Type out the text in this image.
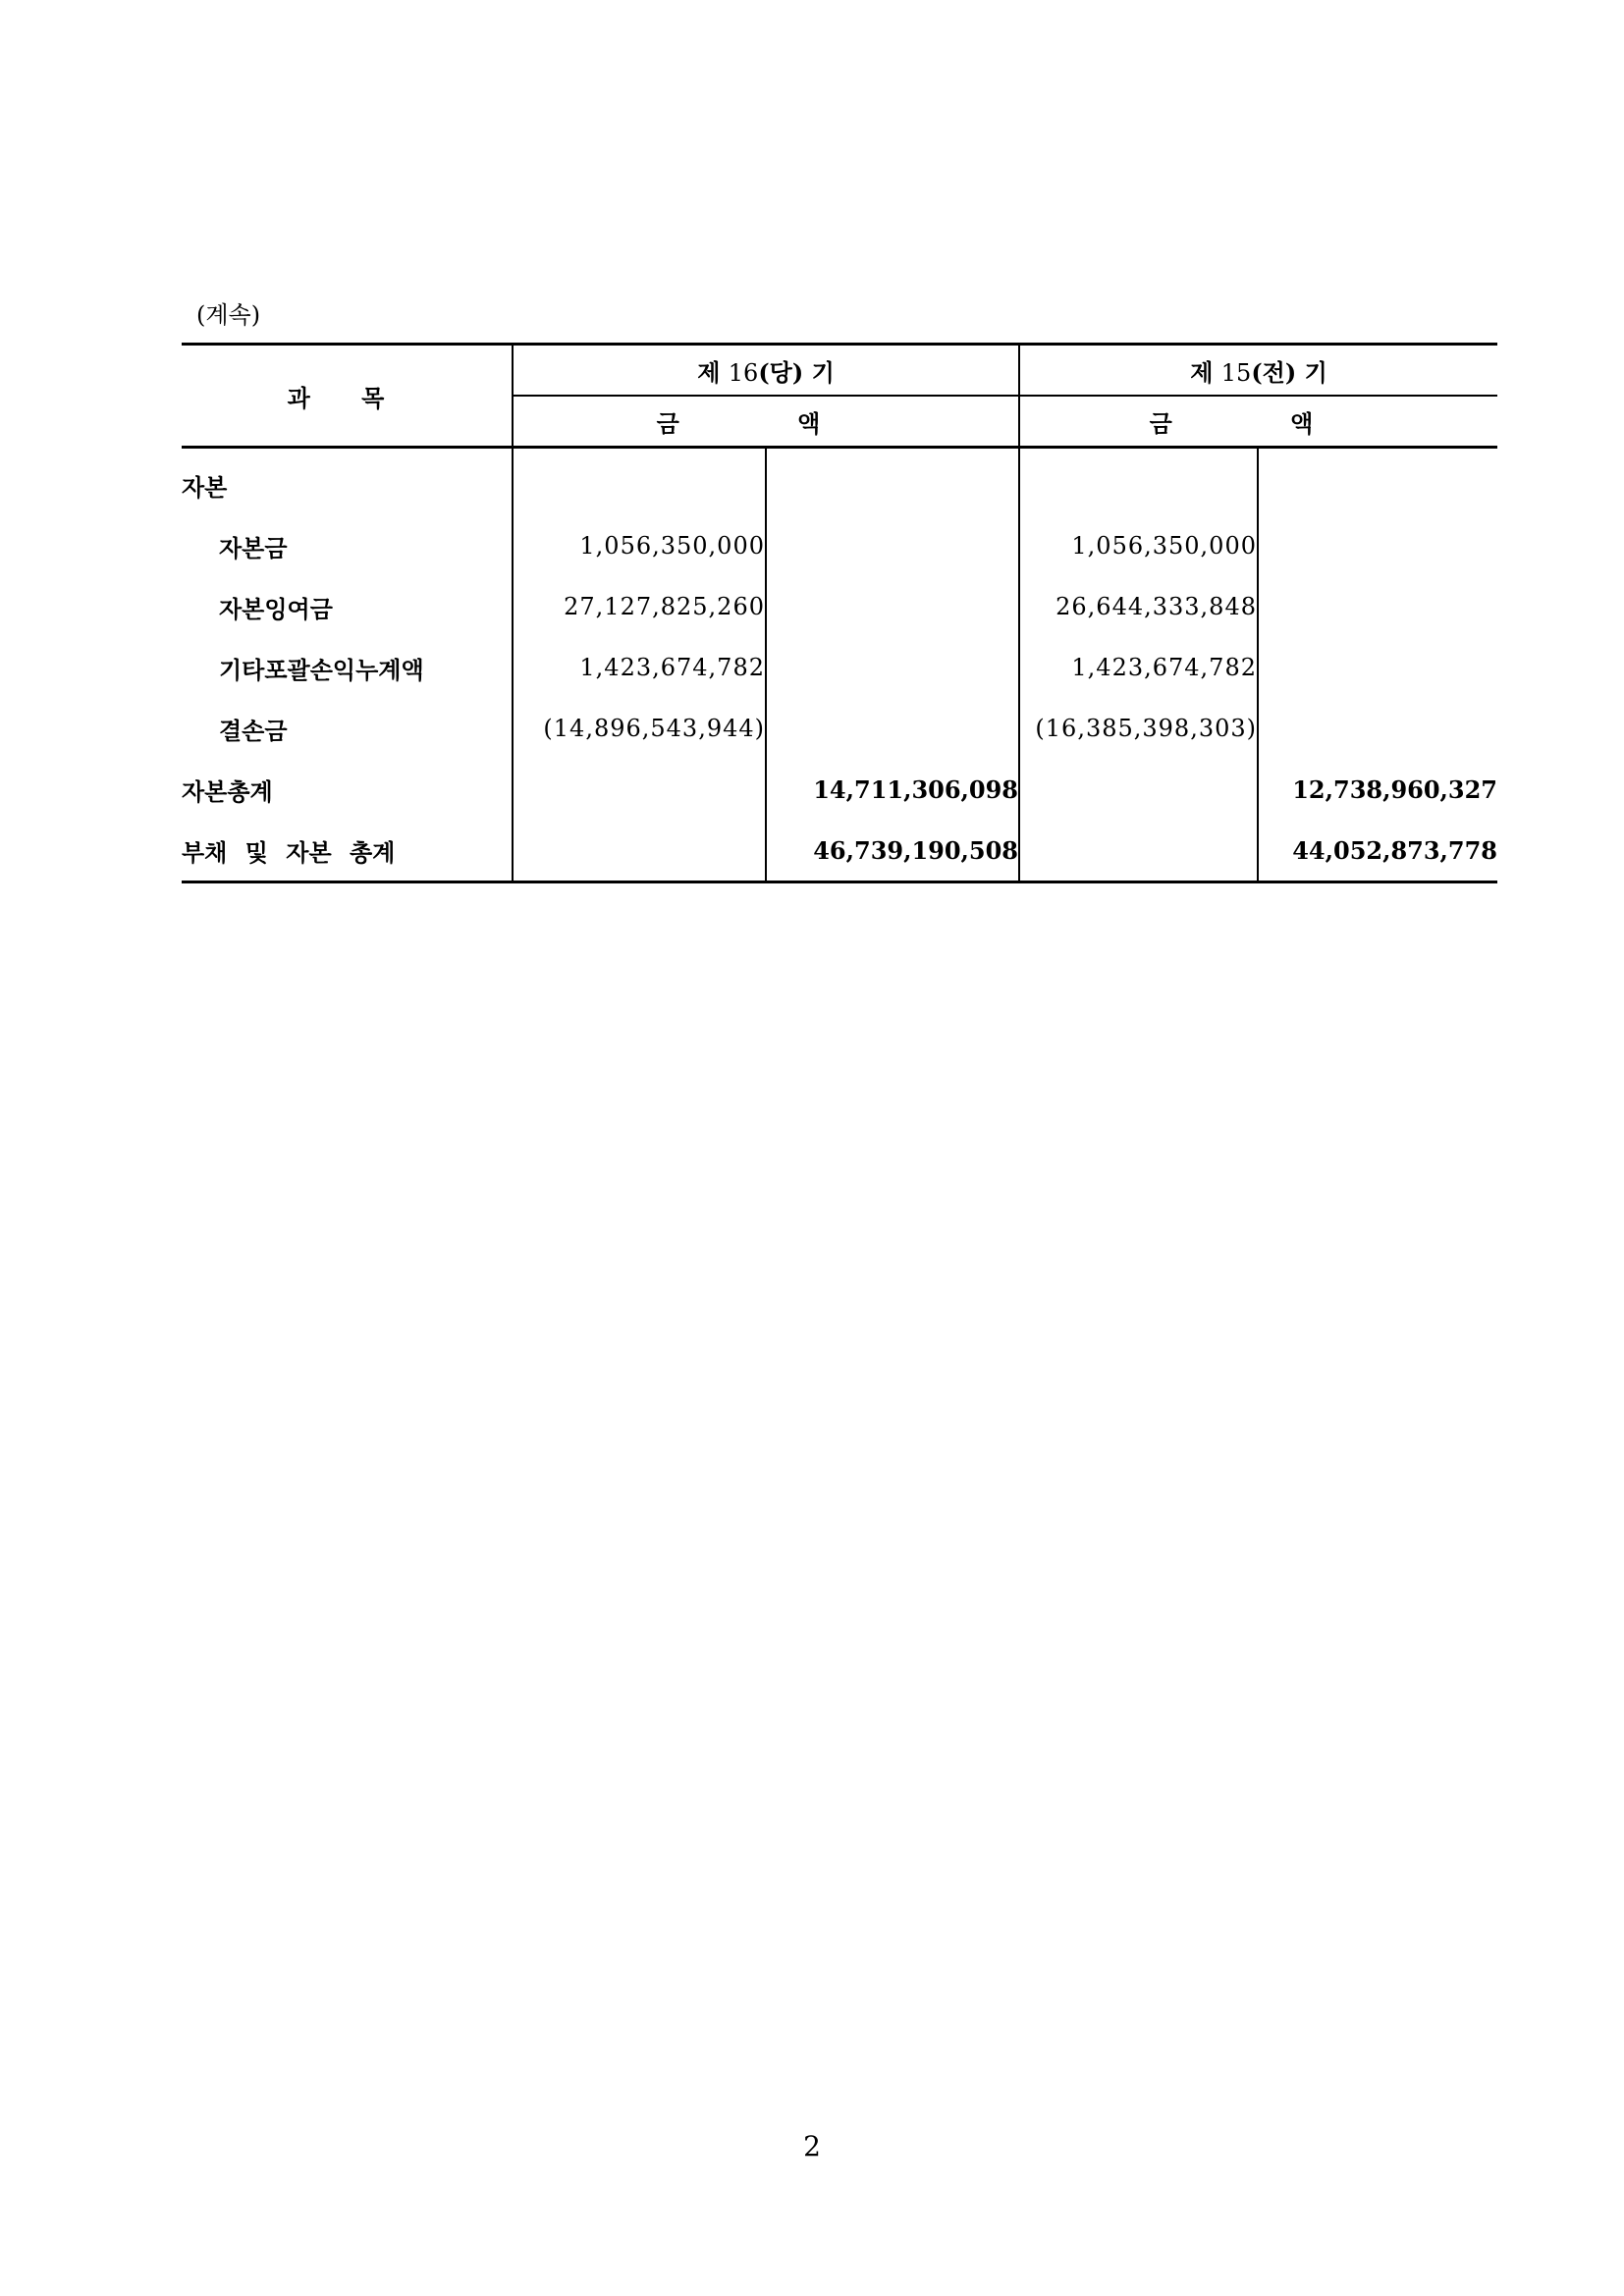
(계속)
과 목	제 16(당) 기		제 15(전) 기	
	금 액		금 액	
자본				
자본금	1,056,350,000		1,056,350,000	
자본잉여금	27,127,825,260		26,644,333,848	
기타포괄손익누계액	1,423,674,782		1,423,674,782	
결손금	(14,896,543,944)		(16,385,398,303)	
자본총계		14,711,306,098		12,738,960,327
부채 및 자본 총계		46,739,190,508		44,052,873,778
2
